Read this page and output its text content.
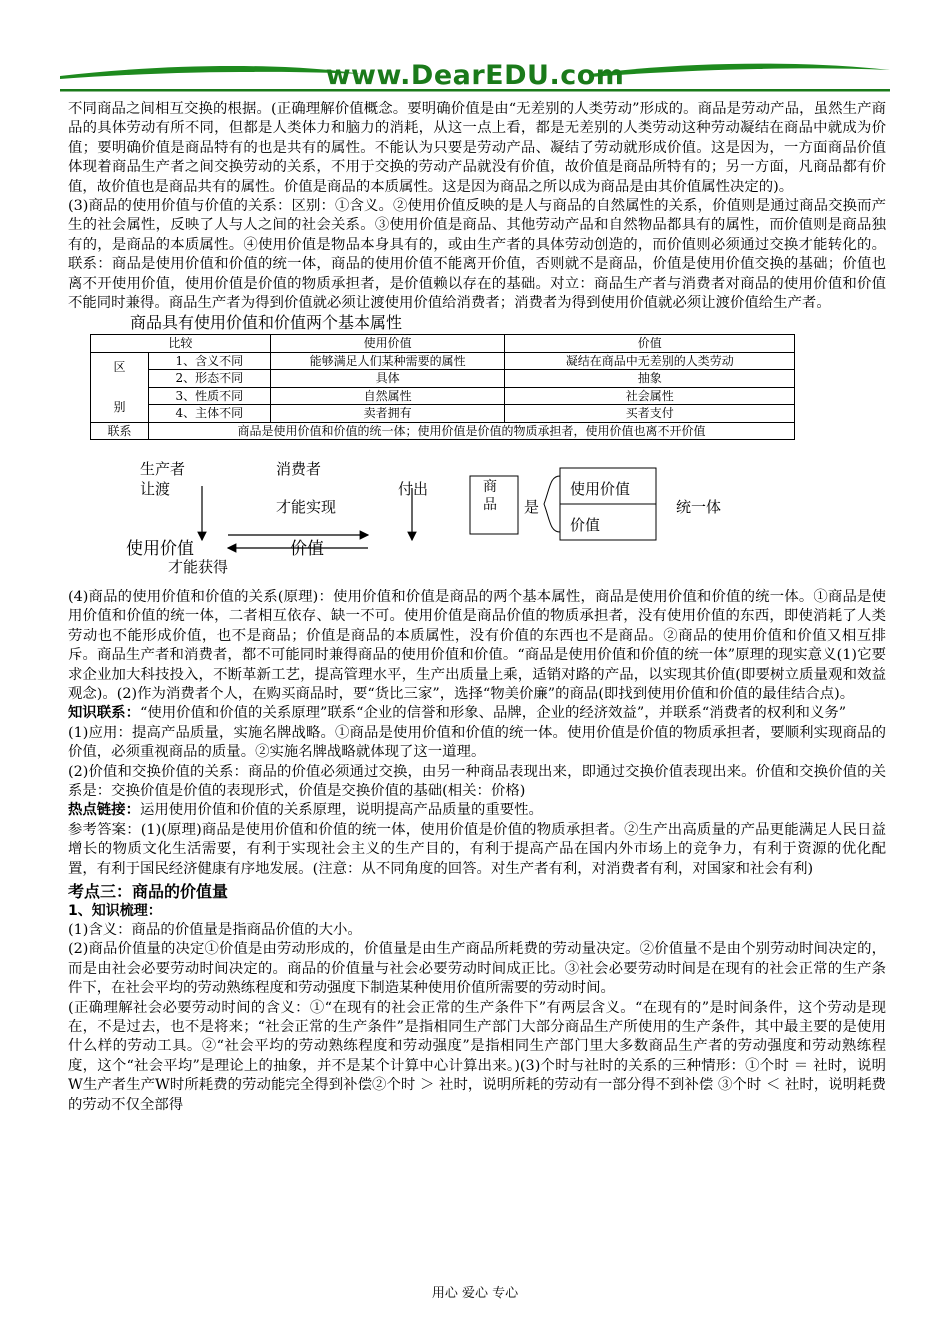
www.DearEDU.com

不同商品之间相互交换的根据。(正确理解价值概念。要明确价值是由“无差别的人类劳动”形成的。商品是劳动产品，虽然生产商品的具体劳动有所不同，但都是人类体力和脑力的消耗，从这一点上看，都是无差别的人类劳动这种劳动凝结在商品中就成为价值；要明确价值是商品特有的也是共有的属性。不能认为只要是劳动产品、凝结了劳动就形成价值。这是因为，一方面商品价值体现着商品生产者之间交换劳动的关系，不用于交换的劳动产品就没有价值，故价值是商品所特有的；另一方面，凡商品都有价值，故价值也是商品共有的属性。价值是商品的本质属性。这是因为商品之所以成为商品是由其价值属性决定的)。

(3)商品的使用价值与价值的关系：区别：①含义。②使用价值反映的是人与商品的自然属性的关系，价值则是通过商品交换而产生的社会属性，反映了人与人之间的社会关系。③使用价值是商品、其他劳动产品和自然物品都具有的属性，而价值则是商品独有的，是商品的本质属性。④使用价值是物品本身具有的，或由生产者的具体劳动创造的，而价值则必须通过交换才能转化的。联系：商品是使用价值和价值的统一体，商品的使用价值不能离开价值，否则就不是商品，价值是使用价值交换的基础；价值也离不开使用价值，使用价值是价值的物质承担者，是价值赖以存在的基础。对立：商品生产者与消费者对商品的使用价值和价值不能同时兼得。商品生产者为得到价值就必须让渡使用价值给消费者；消费者为得到使用价值就必须让渡价值给生产者。

商品具有使用价值和价值两个基本属性
比较		使用价值	价值
区

别	1、含义不同	能够满足人们某种需要的属性	凝结在商品中无差别的人类劳动
	2、形态不同	具体	抽象
	3、性质不同	自然属性	社会属性
	4、主体不同	卖者拥有	买者支付
联系	商品是使用价值和价值的统一体；使用价值是价值的物质承担者，使用价值也离不开价值		
生产者
让渡
消费者
才能实现
付出
使用价值	价值
才能获得
商品 是
使用价值
价值
统一体

(4)商品的使用价值和价值的关系(原理)：使用价值和价值是商品的两个基本属性，商品是使用价值和价值的统一体。①商品是使用价值和价值的统一体，二者相互依存、缺一不可。使用价值是商品价值的物质承担者，没有使用价值的东西，即使消耗了人类劳动也不能形成价值，也不是商品；价值是商品的本质属性，没有价值的东西也不是商品。②商品的使用价值和价值又相互排斥。商品生产者和消费者，都不可能同时兼得商品的使用价值和价值。“商品是使用价值和价值的统一体”原理的现实意义(1)它要求企业加大科技投入，不断革新工艺，提高管理水平，生产出质量上乘，适销对路的产品，以实现其价值(即要树立质量观和效益观念)。(2)作为消费者个人，在购买商品时，要“货比三家”，选择“物美价廉”的商品(即找到使用价值和价值的最佳结合点)。

知识联系：“使用价值和价值的关系原理”联系“企业的信誉和形象、品牌，企业的经济效益”，并联系“消费者的权利和义务”

(1)应用：提高产品质量，实施名牌战略。①商品是使用价值和价值的统一体。使用价值是价值的物质承担者，要顺利实现商品的价值，必须重视商品的质量。②实施名牌战略就体现了这一道理。

(2)价值和交换价值的关系：商品的价值必须通过交换，由另一种商品表现出来，即通过交换价值表现出来。价值和交换价值的关系是：交换价值是价值的表现形式，价值是交换价值的基础(相关：价格)

热点链接：运用使用价值和价值的关系原理，说明提高产品质量的重要性。

参考答案：(1)(原理)商品是使用价值和价值的统一体，使用价值是价值的物质承担者。②生产出高质量的产品更能满足人民日益增长的物质文化生活需要，有利于实现社会主义的生产目的，有利于提高产品在国内外市场上的竞争力，有利于资源的优化配置，有利于国民经济健康有序地发展。(注意：从不同角度的回答。对生产者有利，对消费者有利，对国家和社会有利)

考点三：商品的价值量
1、知识梳理：

(1)含义：商品的价值量是指商品价值的大小。

(2)商品价值量的决定①价值是由劳动形成的，价值量是由生产商品所耗费的劳动量决定。②价值量不是由个别劳动时间决定的，而是由社会必要劳动时间决定的。商品的价值量与社会必要劳动时间成正比。③社会必要劳动时间是在现有的社会正常的生产条件下，在社会平均的劳动熟练程度和劳动强度下制造某种使用价值所需要的劳动时间。

(正确理解社会必要劳动时间的含义：①“在现有的社会正常的生产条件下”有两层含义。“在现有的”是时间条件，这个劳动是现在，不是过去，也不是将来；“社会正常的生产条件”是指相同生产部门大部分商品生产所使用的生产条件，其中最主要的是使用什么样的劳动工具。②“社会平均的劳动熟练程度和劳动强度”是指相同生产部门里大多数商品生产者的劳动强度和劳动熟练程度，这个“社会平均”是理论上的抽象，并不是某个计算中心计算出来。)(3)个时与社时的关系的三种情形：①个时 ＝ 社时，说明W生产者生产W时所耗费的劳动能完全得到补偿②个时 ＞ 社时，说明所耗的劳动有一部分得不到补偿 ③个时 ＜ 社时，说明耗费的劳动不仅全部得

用心 爱心 专心
